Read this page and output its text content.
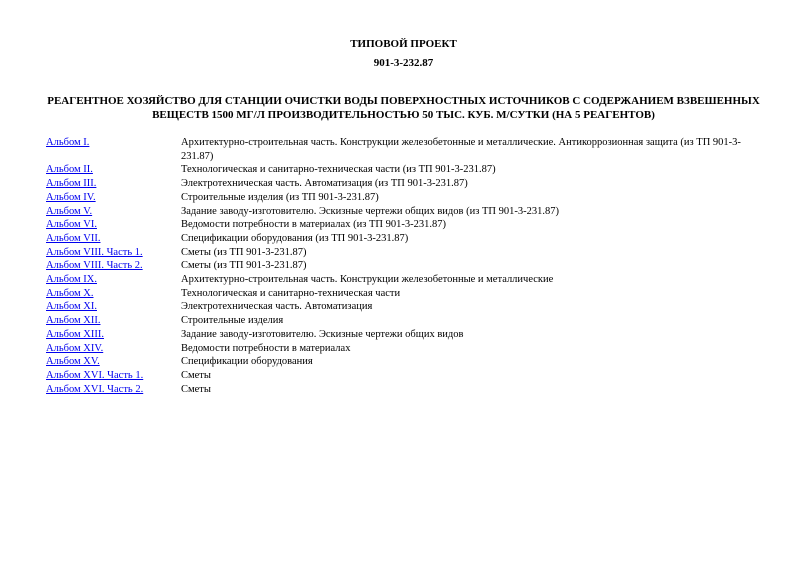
ТИПОВОЙ ПРОЕКТ
901-3-232.87
РЕАГЕНТНОЕ ХОЗЯЙСТВО ДЛЯ СТАНЦИИ ОЧИСТКИ ВОДЫ ПОВЕРХНОСТНЫХ ИСТОЧНИКОВ С СОДЕРЖАНИЕМ ВЗВЕШЕННЫХ ВЕЩЕСТВ 1500 МГ/Л ПРОИЗВОДИТЕЛЬНОСТЬЮ 50 ТЫС. КУБ. М/СУТКИ (НА 5 РЕАГЕНТОВ)
Альбом I.	Архитектурно-строительная часть. Конструкции железобетонные и металлические. Антикоррозионная защита (из ТП 901-3-231.87)
Альбом II.	Технологическая и санитарно-техническая части (из ТП 901-3-231.87)
Альбом III.	Электротехническая часть. Автоматизация (из ТП 901-3-231.87)
Альбом IV.	Строительные изделия (из ТП 901-3-231.87)
Альбом V.	Задание заводу-изготовителю. Эскизные чертежи общих видов (из ТП 901-3-231.87)
Альбом VI.	Ведомости потребности в материалах (из ТП 901-3-231.87)
Альбом VII.	Спецификации оборудования (из ТП 901-3-231.87)
Альбом VIII. Часть 1.	Сметы (из ТП 901-3-231.87)
Альбом VIII. Часть 2.	Сметы (из ТП 901-3-231.87)
Альбом IX.	Архитектурно-строительная часть. Конструкции железобетонные и металлические
Альбом X.	Технологическая и санитарно-техническая части
Альбом XI.	Электротехническая часть. Автоматизация
Альбом XII.	Строительные изделия
Альбом XIII.	Задание заводу-изготовителю. Эскизные чертежи общих видов
Альбом XIV.	Ведомости потребности в материалах
Альбом XV.	Спецификации оборудования
Альбом XVI. Часть 1.	Сметы
Альбом XVI. Часть 2.	Сметы
